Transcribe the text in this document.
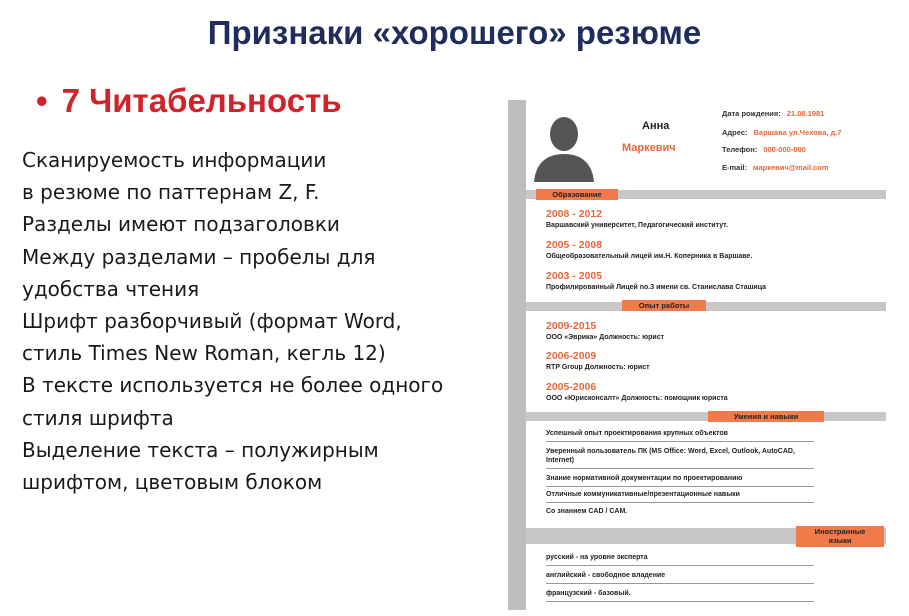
Признаки «хорошего» резюме
• 7 Читабельность
Сканируемость информации
в резюме по паттернам Z, F.
Разделы имеют подзаголовки
Между разделами – пробелы для
удобства чтения
Шрифт разборчивый (формат Word,
стиль Times New Roman, кегль 12)
В тексте используется не более одного
стиля шрифта
Выделение текста – полужирным
шрифтом, цветовым блоком
Анна
Маркевич
Дата рождения: 21.08.1981
Адрес: Варшава ул.Чехова, д.7
Телефон: 000-000-000
E-mail: маркевич@mail.com
Образование
2008 - 2012
Варшавский университет, Педагогический институт.
2005 - 2008
Общеобразовательный лицей им.Н. Коперника в Варшаве.
2003 - 2005
Профилированный Лицей no.3 имени св. Станислава Сташица
Опыт работы
2009-2015
ООО «Эврика» Должность: юрист
2006-2009
RTP Group Должность: юрист
2005-2006
ООО «Юрисконсалт» Должность: помощник юриста
Умения и навыки
Успешный опыт проектирования крупных объектов
Уверенный пользователь ПК (MS Office: Word, Excel, Outlook, AutoCAD,
Internet)
Знание нормативной документации по проектированию
Отличные коммуникативные/презентационные навыки
Со знанием CAD / CAM.
Иностранные
языки
русский - на уровне эксперта
английский - свободное владение
французский - базовый.
